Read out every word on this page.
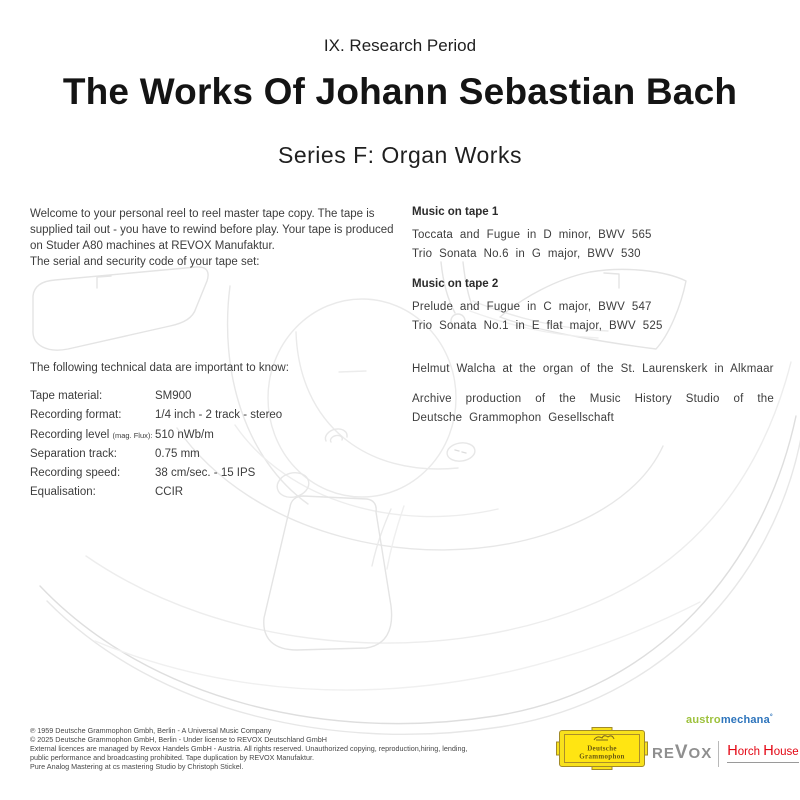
IX. Research Period
The Works Of Johann Sebastian Bach
Series F: Organ Works
Welcome to your personal reel to reel master tape copy. The tape is supplied tail out - you have to rewind before play. Your tape is produced on Studer A80 machines at REVOX Manufaktur.
The serial and security code of your tape set:
Music on tape 1
Toccata and Fugue in D minor, BWV 565
Trio Sonata No.6 in G major, BWV 530
Music on tape 2
Prelude and Fugue in C major, BWV 547
Trio Sonata No.1 in E flat major, BWV 525
The following technical data are important to know:
Tape material:	SM900
Recording format:	1/4 inch - 2 track - stereo
Recording level (mag. Flux): 510 nWb/m
Separation track:	0.75 mm
Recording speed:	38 cm/sec. - 15 IPS
Equalisation:	CCIR
Helmut Walcha at the organ of the St. Laurenskerk in Alkmaar
Archive production of the Music History Studio of the Deutsche Grammophon Gesellschaft
℗ 1959 Deutsche Grammophon Gmbh, Berlin - A Universal Music Company
© 2025 Deutsche Grammophon GmbH, Berlin - Under license to REVOX Deutschland GmbH
External licences are managed by Revox Handels GmbH - Austria. All rights reserved. Unauthorized copying, reproduction,hiring, lending,
public performance and broadcasting prohibited. Tape duplication by REVOX Manufaktur.
Pure Analog Mastering at cs mastering Studio by Christoph Stickel.
Deutsche
Grammophon
austromechana°
REVOX Horch House
